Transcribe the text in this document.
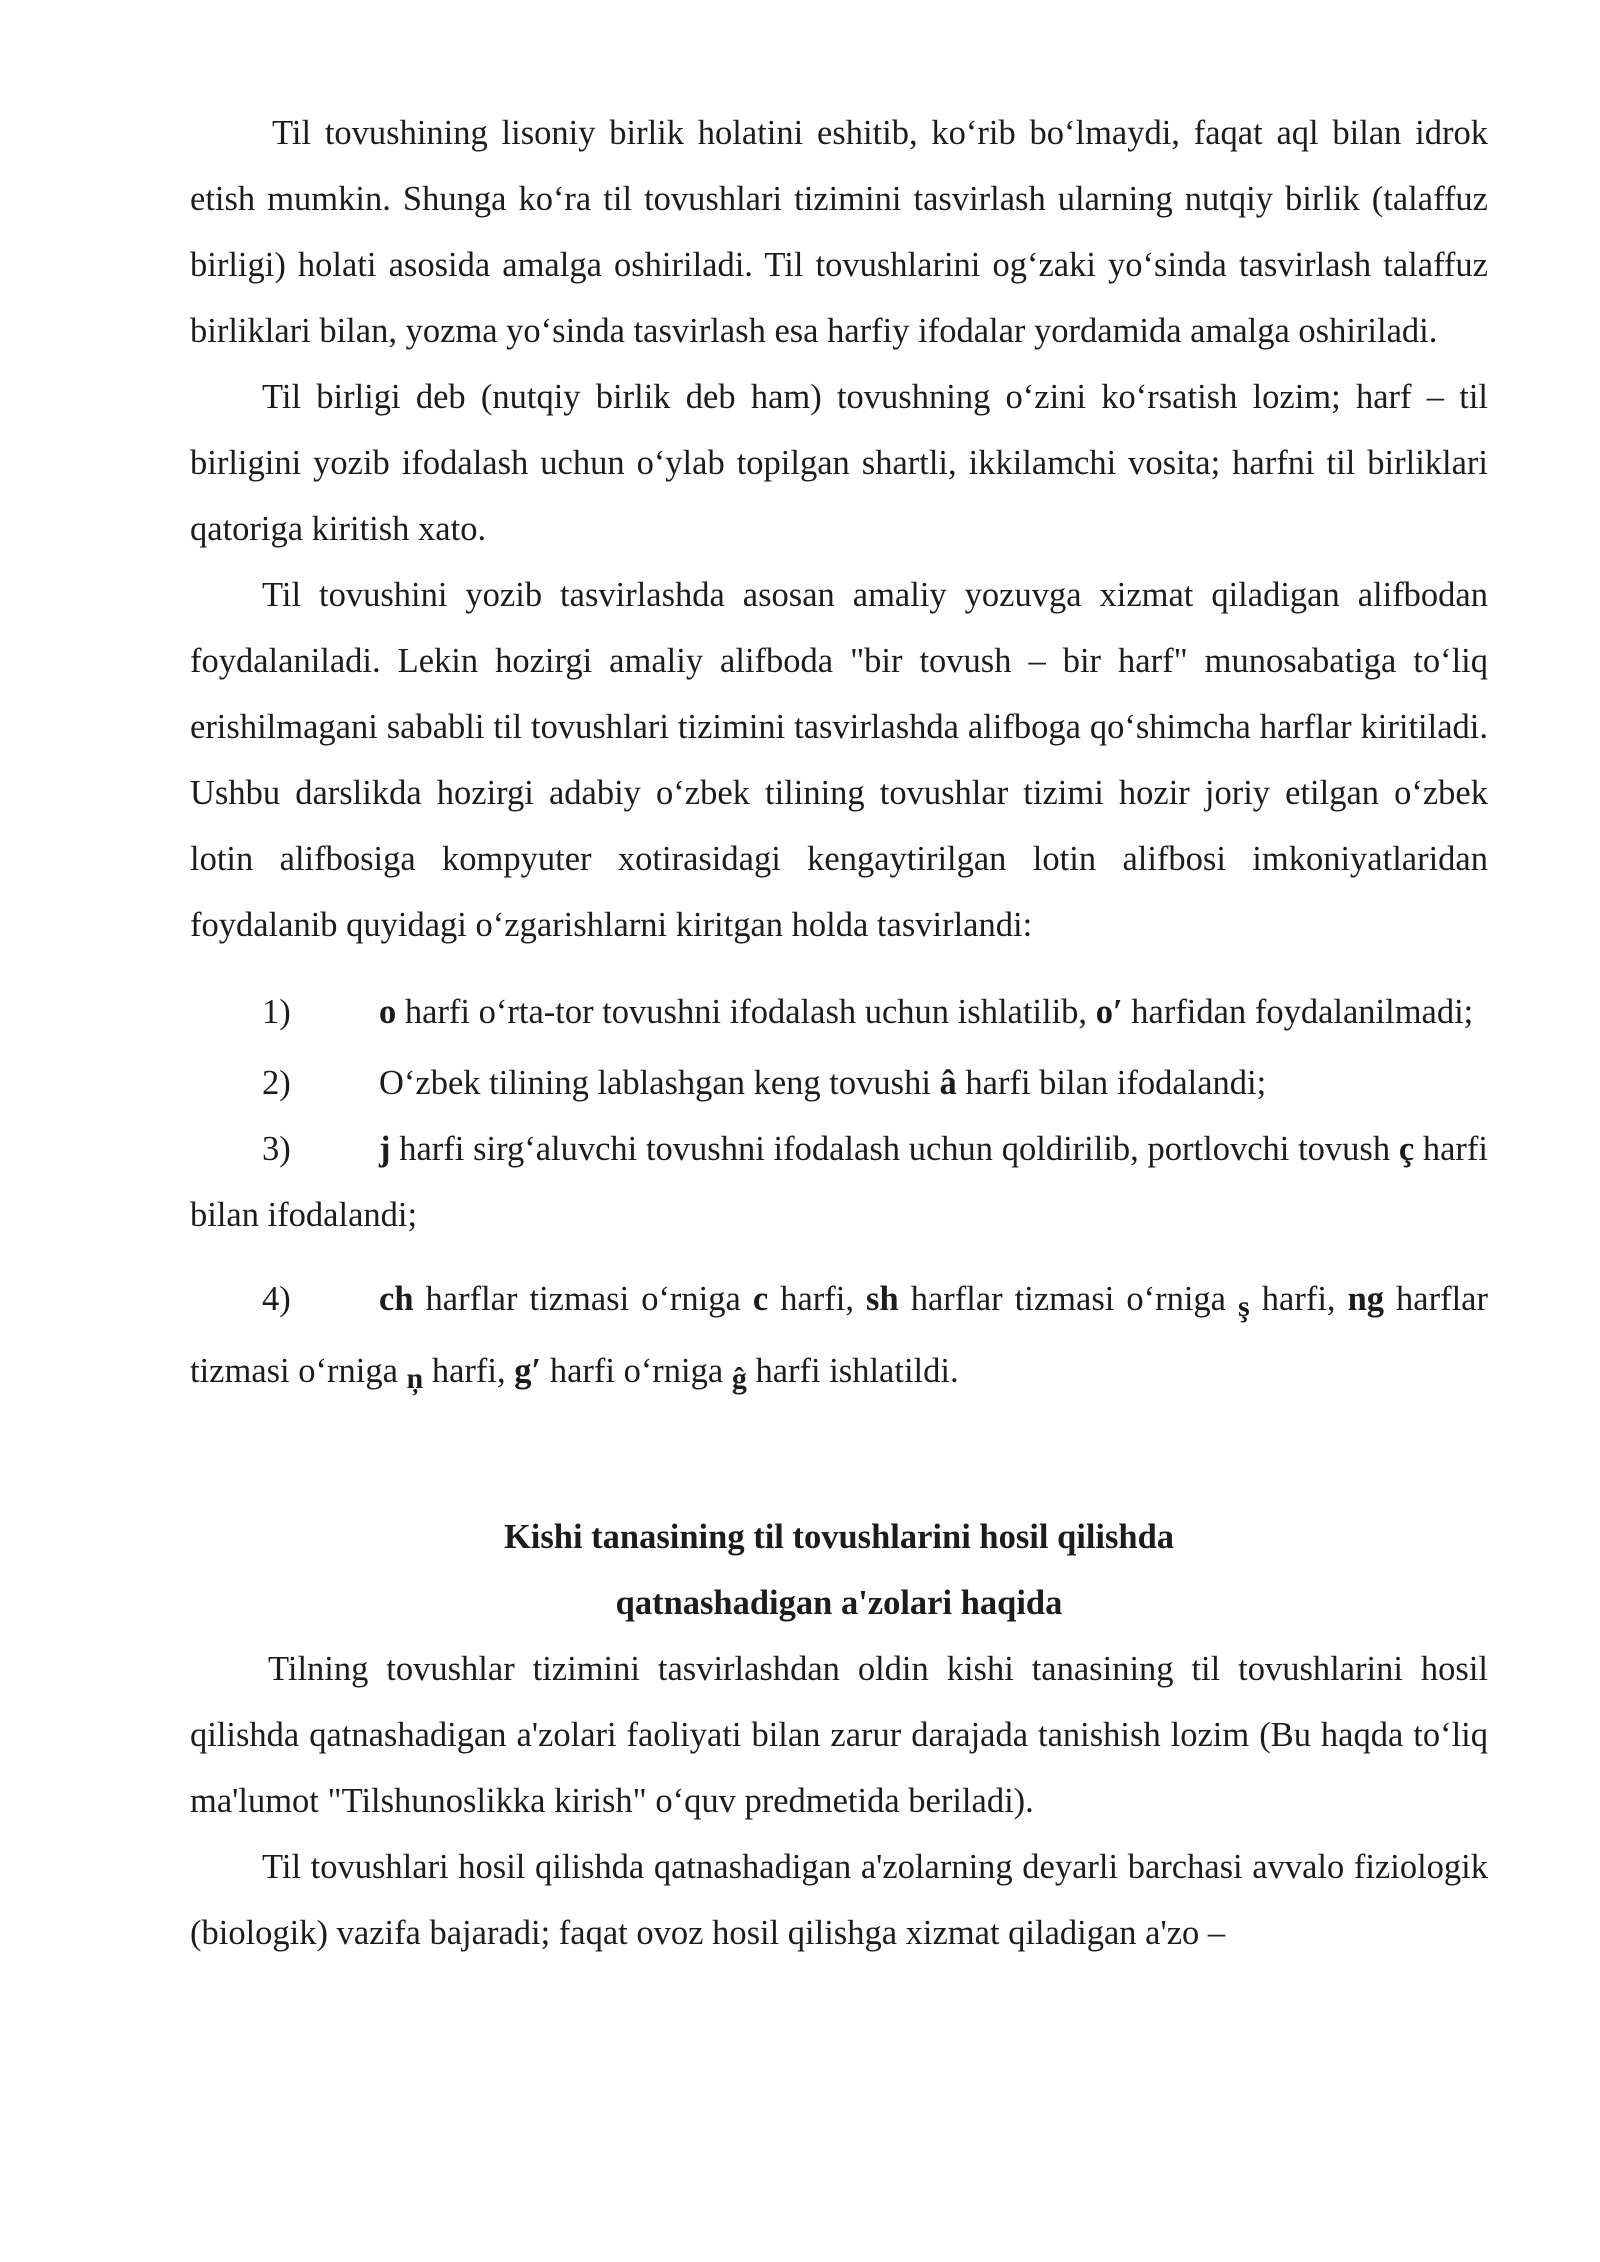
Til tovushining lisoniy birlik holatini eshitib, koʻrib boʻlmaydi, faqat aql bilan idrok etish mumkin. Shunga koʻra til tovushlari tizimini tasvirlash ularning nutqiy birlik (talaffuz birligi) holati asosida amalga oshiriladi. Til tovushlarini ogʻzaki yoʻsinda tasvirlash talaffuz birliklari bilan, yozma yoʻsinda tasvirlash esa harfiy ifodalar yordamida amalga oshiriladi.

Til birligi deb (nutqiy birlik deb ham) tovushning oʻzini koʻrsatish lozim; harf – til birligini yozib ifodalash uchun oʻylab topilgan shartli, ikkilamchi vosita; harfni til birliklari qatoriga kiritish xato.

Til tovushini yozib tasvirlashda asosan amaliy yozuvga xizmat qiladigan alifbodan foydalaniladi. Lekin hozirgi amaliy alifboda "bir tovush – bir harf" munosabatiga toʻliq erishilmagani sababli til tovushlari tizimini tasvirlashda alifboga qoʻshimcha harflar kiritiladi. Ushbu darslikda hozirgi adabiy oʻzbek tilining tovushlar tizimi hozir joriy etilgan oʻzbek lotin alifbosiga kompyuter xotirasidagi kengaytirilgan lotin alifbosi imkoniyatlaridan foydalanib quyidagi oʻzgarishlarni kiritgan holda tasvirlandi:

1)	o harfi oʻrta-tor tovushni ifodalash uchun ishlatilib, o′ harfidan foydalanilmadi;

2)	Oʻzbek tilining lablashgan keng tovushi â harfi bilan ifodalandi;

3)	j harfi sirgʻaluvchi tovushni ifodalash uchun qoldirilib, portlovchi tovush ç harfi bilan ifodalandi;

4)	ch harflar tizmasi oʻrniga c harfi, sh harflar tizmasi oʻrniga ş harfi, ng harflar tizmasi oʻrniga ņ harfi, g′ harfi oʻrniga ĝ harfi ishlatildi.

Kishi tanasining til tovushlarini hosil qilishda

qatnashadigan a'zolari haqida

Tilning tovushlar tizimini tasvirlashdan oldin kishi tanasining til tovushlarini hosil qilishda qatnashadigan a'zolari faoliyati bilan zarur darajada tanishish lozim (Bu haqda toʻliq ma'lumot "Tilshunoslikka kirish" oʻquv predmetida beriladi).

Til tovushlari hosil qilishda qatnashadigan a'zolarning deyarli barchasi avvalo fiziologik (biologik) vazifa bajaradi; faqat ovoz hosil qilishga xizmat qiladigan a'zo –
